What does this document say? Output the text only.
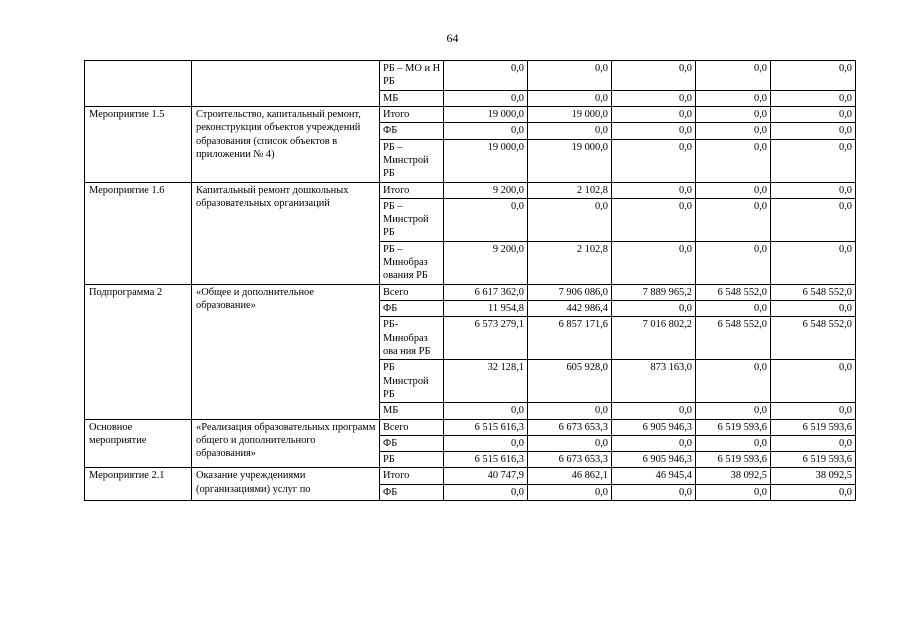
64
		РБ – МО и Н РБ	0,0	0,0	0,0	0,0	0,0
		МБ	0,0	0,0	0,0	0,0	0,0
Мероприятие 1.5	Строительство, капитальный ремонт, реконструкция объектов учреждений образования (список объектов в приложении № 4)	Итого	19 000,0	19 000,0	0,0	0,0	0,0
		ФБ	0,0	0,0	0,0	0,0	0,0
		РБ – Минстрой РБ	19 000,0	19 000,0	0,0	0,0	0,0
Мероприятие 1.6	Капитальный ремонт дошкольных образовательных организаций	Итого	9 200,0	2 102,8	0,0	0,0	0,0
		РБ – Минстрой РБ	0,0	0,0	0,0	0,0	0,0
		РБ – Минобраз ования РБ	9 200,0	2 102,8	0,0	0,0	0,0
Подпрограмма 2	«Общее и дополнительное образование»	Всего	6 617 362,0	7 906 086,0	7 889 965,2	6 548 552,0	6 548 552,0
		ФБ	11 954,8	442 986,4	0,0	0,0	0,0
		РБ- Минобраз ова ния РБ	6 573 279,1	6 857 171,6	7 016 802,2	6 548 552,0	6 548 552,0
		РБ Минстрой РБ	32 128,1	605 928,0	873 163,0	0,0	0,0
		МБ	0,0	0,0	0,0	0,0	0,0
Основное мероприятие	«Реализация образовательных программ общего и дополнительного образования»	Всего	6 515 616,3	6 673 653,3	6 905 946,3	6 519 593,6	6 519 593,6
		ФБ	0,0	0,0	0,0	0,0	0,0
		РБ	6 515 616,3	6 673 653,3	6 905 946,3	6 519 593,6	6 519 593,6
Мероприятие 2.1	Оказание учреждениями (организациями) услуг по	Итого	40 747,9	46 862,1	46 945,4	38 092,5	38 092,5
		ФБ	0,0	0,0	0,0	0,0	0,0
